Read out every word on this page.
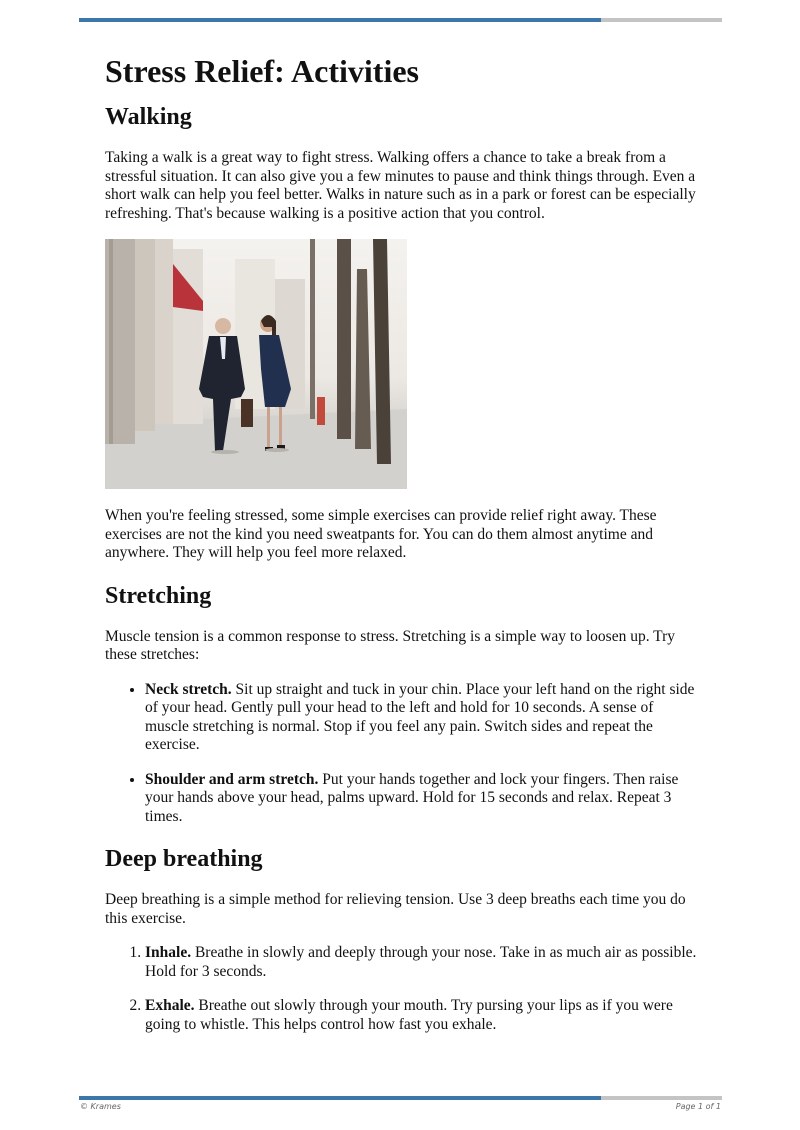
Stress Relief: Activities
Walking

Taking a walk is a great way to fight stress. Walking offers a chance to take a break from a stressful situation. It can also give you a few minutes to pause and think things through. Even a short walk can help you feel better. Walks in nature such as in a park or forest can be especially refreshing. That's because walking is a positive action that you control.

When you're feeling stressed, some simple exercises can provide relief right away. These exercises are not the kind you need sweatpants for. You can do them almost anytime and anywhere. They will help you feel more relaxed.

Stretching

Muscle tension is a common response to stress. Stretching is a simple way to loosen up. Try these stretches:

• Neck stretch. Sit up straight and tuck in your chin. Place your left hand on the right side of your head. Gently pull your head to the left and hold for 10 seconds. A sense of muscle stretching is normal. Stop if you feel any pain. Switch sides and repeat the exercise.
• Shoulder and arm stretch. Put your hands together and lock your fingers. Then raise your hands above your head, palms upward. Hold for 15 seconds and relax. Repeat 3 times.
Deep breathing

Deep breathing is a simple method for relieving tension. Use 3 deep breaths each time you do this exercise.

1. Inhale. Breathe in slowly and deeply through your nose. Take in as much air as possible. Hold for 3 seconds.
2. Exhale. Breathe out slowly through your mouth. Try pursing your lips as if you were going to whistle. This helps control how fast you exhale.
© Krames	Page 1 of 1
